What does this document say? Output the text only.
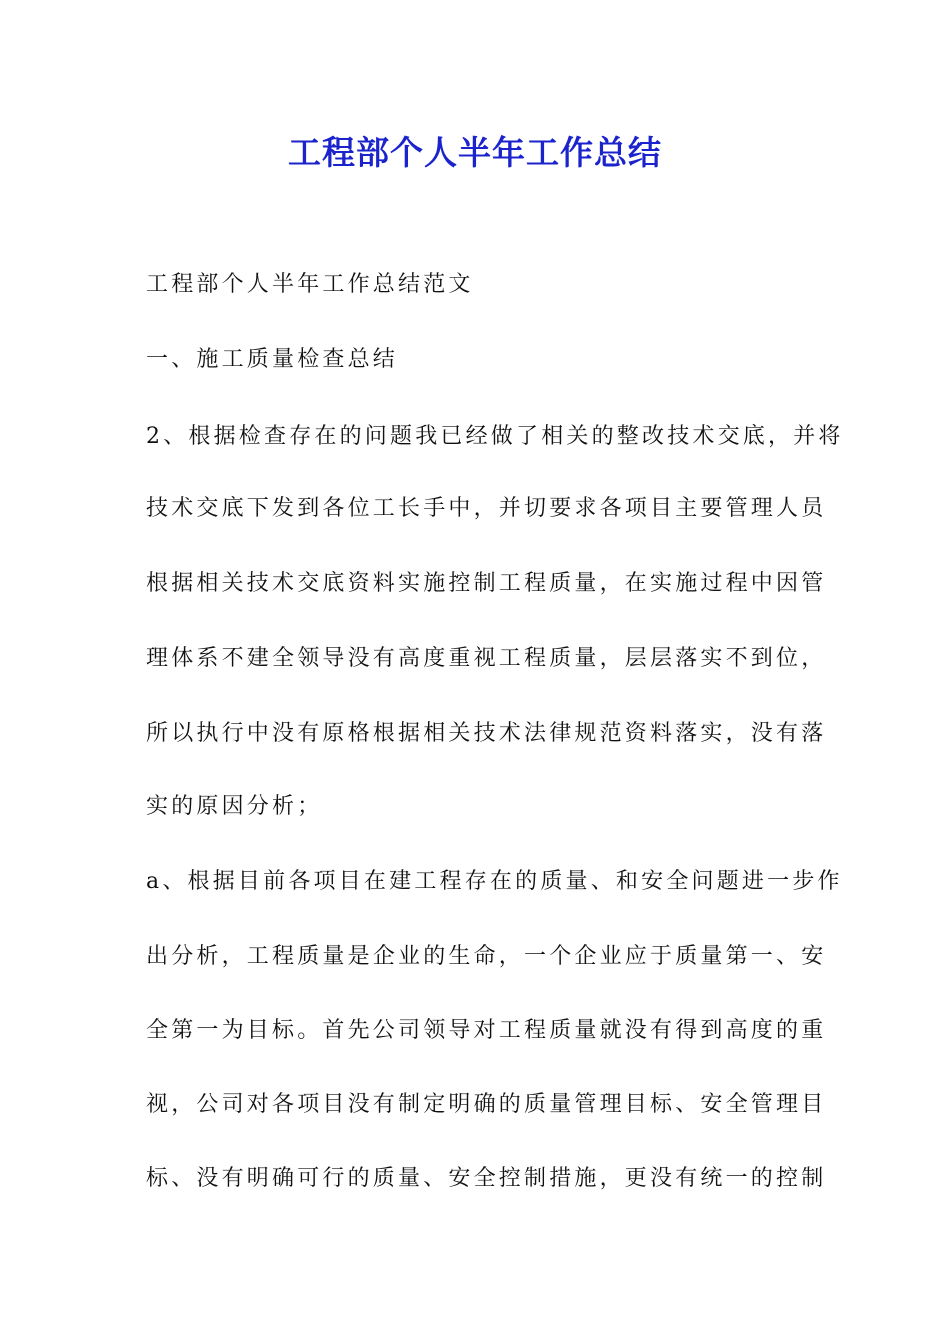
工程部个人半年工作总结

工程部个人半年工作总结范文

一、施工质量检查总结

2、根据检查存在的问题我已经做了相关的整改技术交底，并将

技术交底下发到各位工长手中，并切要求各项目主要管理人员

根据相关技术交底资料实施控制工程质量，在实施过程中因管

理体系不建全领导没有高度重视工程质量，层层落实不到位，

所以执行中没有原格根据相关技术法律规范资料落实，没有落

实的原因分析；

a、根据目前各项目在建工程存在的质量、和安全问题进一步作

出分析，工程质量是企业的生命，一个企业应于质量第一、安

全第一为目标。首先公司领导对工程质量就没有得到高度的重

视，公司对各项目没有制定明确的质量管理目标、安全管理目

标、没有明确可行的质量、安全控制措施，更没有统一的控制
